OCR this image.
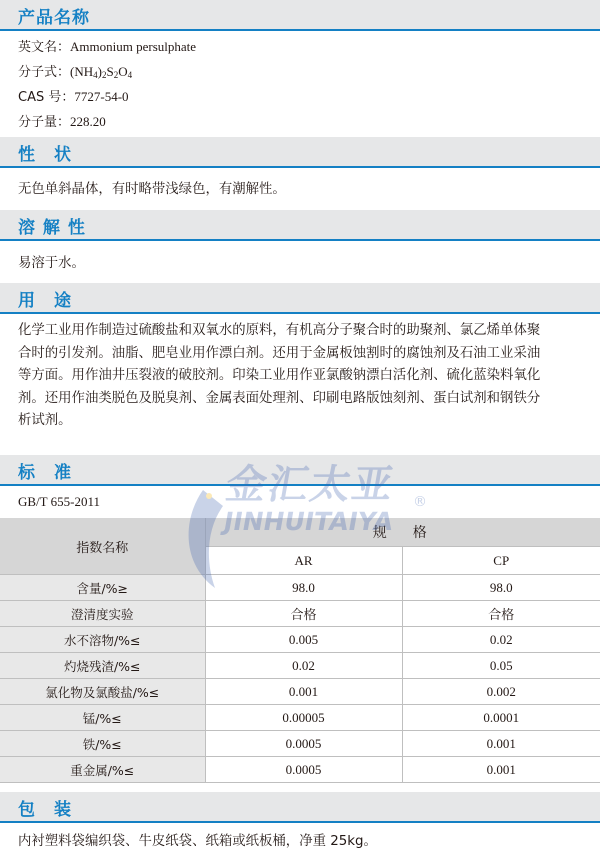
产品名称
英文名：Ammonium persulphate
分子式：$(NH_4)_2S_2O_4$
CAS 号：7727-54-0
分子量：228.20
性　状
无色单斜晶体，有时略带浅绿色，有潮解性。
溶 解 性
易溶于水。
用　途
化学工业用作制造过硫酸盐和双氧水的原料，有机高分子聚合时的助聚剂、氯乙烯单体聚
合时的引发剂。油脂、肥皂业用作漂白剂。还用于金属板蚀割时的腐蚀剂及石油工业采油
等方面。用作油井压裂液的破胶剂。印染工业用作亚氯酸钠漂白活化剂、硫化蓝染料氧化
剂。还用作油类脱色及脱臭剂、金属表面处理剂、印刷电路版蚀刻剂、蛋白试剂和钢铁分
析试剂。
标　准
GB/T 655-2011
指数名称	规　格	
	AR	CP
含量/%≥	98.0	98.0
澄清度实验	合格	合格
水不溶物/%≤	0.005	0.02
灼烧残渣/%≤	0.02	0.05
氯化物及氯酸盐/%≤	0.001	0.002
锰/%≤	0.00005	0.0001
铁/%≤	0.0005	0.001
重金属/%≤	0.0005	0.001
包　装
内衬塑料袋编织袋、牛皮纸袋、纸箱或纸板桶，净重 25kg。
金汇太亚
JINHUITAIYA
®
